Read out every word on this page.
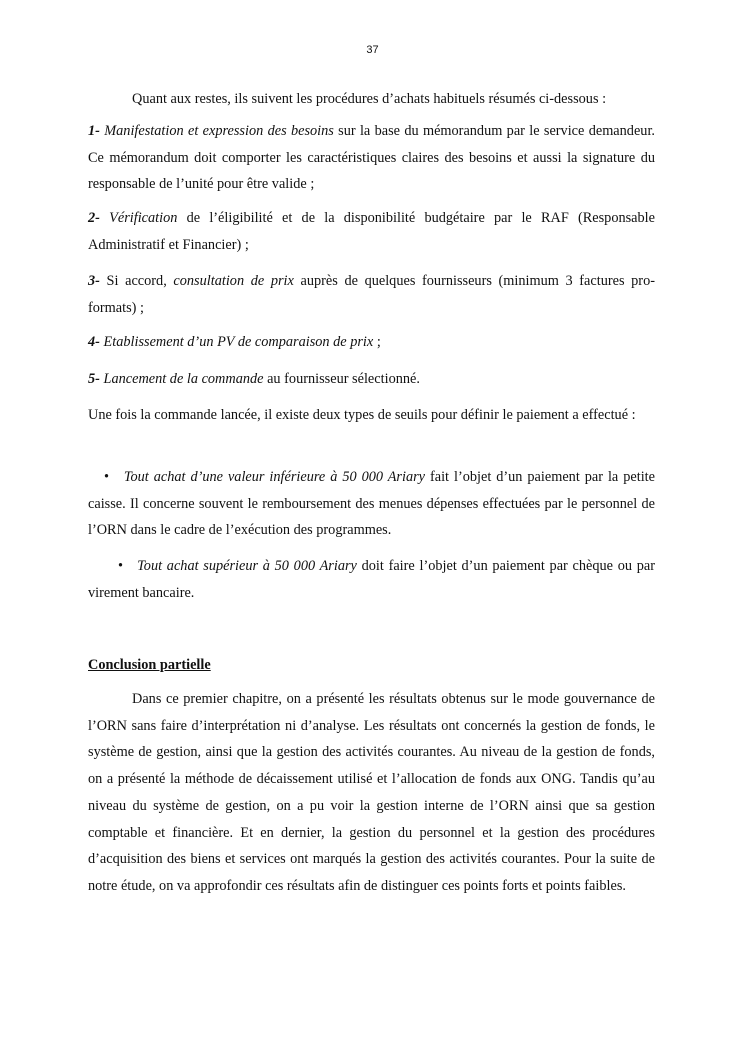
37

Quant aux restes, ils suivent les procédures d’achats habituels résumés ci-dessous :

1- Manifestation et expression des besoins sur la base du mémorandum par le service demandeur. Ce mémorandum doit comporter les caractéristiques claires des besoins et aussi la signature du responsable de l’unité pour être valide ;

2- Vérification de l’éligibilité et de la disponibilité budgétaire par le RAF (Responsable Administratif et Financier) ;

3- Si accord, consultation de prix auprès de quelques fournisseurs (minimum 3 factures pro-formats) ;

4- Etablissement d’un PV de comparaison de prix ;

5- Lancement de la commande au fournisseur sélectionné.

Une fois la commande lancée, il existe deux types de seuils pour définir le paiement a effectué :

• Tout achat d’une valeur inférieure à 50 000 Ariary fait l’objet d’un paiement par la petite caisse. Il concerne souvent le remboursement des menues dépenses effectuées par le personnel de l’ORN dans le cadre de l’exécution des programmes.

• Tout achat supérieur à 50 000 Ariary doit faire l’objet d’un paiement par chèque ou par virement bancaire.

Conclusion partielle

Dans ce premier chapitre, on a présenté les résultats obtenus sur le mode gouvernance de l’ORN sans faire d’interprétation ni d’analyse. Les résultats ont concernés la gestion de fonds, le système de gestion, ainsi que la gestion des activités courantes. Au niveau de la gestion de fonds, on a présenté la méthode de décaissement utilisé et l’allocation de fonds aux ONG. Tandis qu’au niveau du système de gestion, on a pu voir la gestion interne de l’ORN ainsi que sa gestion comptable et financière. Et en dernier, la gestion du personnel et la gestion des procédures d’acquisition des biens et services ont marqués la gestion des activités courantes. Pour la suite de notre étude, on va approfondir ces résultats afin de distinguer ces points forts et points faibles.
